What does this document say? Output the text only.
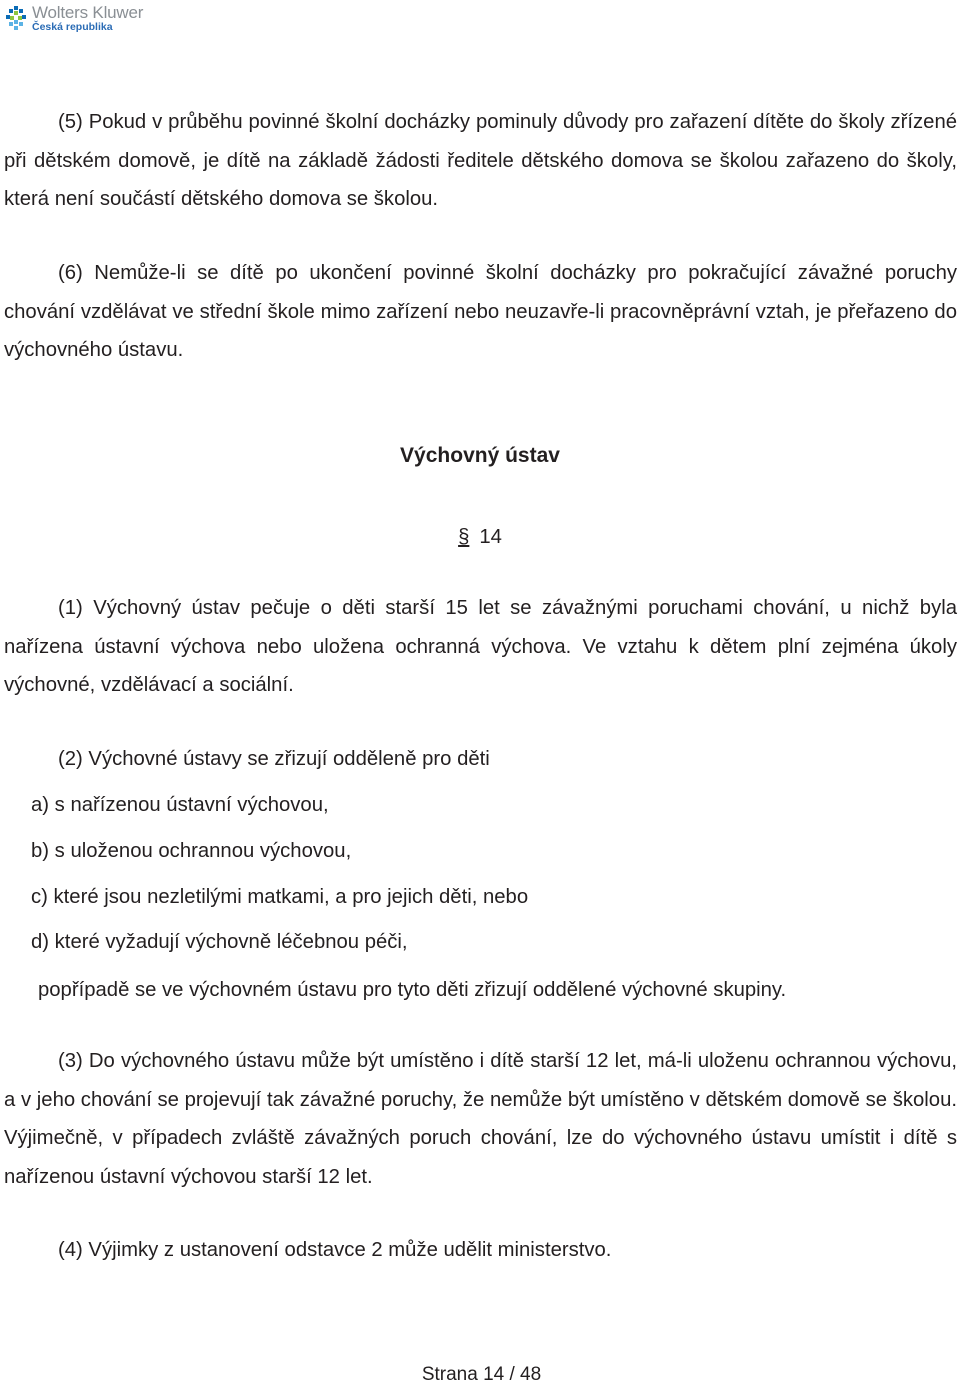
Wolters Kluwer
Česká republika

(5) Pokud v průběhu povinné školní docházky pominuly důvody pro zařazení dítěte do školy zřízené při dětském domově, je dítě na základě žádosti ředitele dětského domova se školou zařazeno do školy, která není součástí dětského domova se školou.

(6) Nemůže-li se dítě po ukončení povinné školní docházky pro pokračující závažné poruchy chování vzdělávat ve střední škole mimo zařízení nebo neuzavře-li pracovněprávní vztah, je přeřazeno do výchovného ústavu.

Výchovný ústav
§ 14

(1) Výchovný ústav pečuje o děti starší 15 let se závažnými poruchami chování, u nichž byla nařízena ústavní výchova nebo uložena ochranná výchova. Ve vztahu k dětem plní zejména úkoly výchovné, vzdělávací a sociální.

(2) Výchovné ústavy se zřizují odděleně pro děti
a) s nařízenou ústavní výchovou,
b) s uloženou ochrannou výchovou,
c) které jsou nezletilými matkami, a pro jejich děti, nebo
d) které vyžadují výchovně léčebnou péči,
popřípadě se ve výchovném ústavu pro tyto děti zřizují oddělené výchovné skupiny.

(3) Do výchovného ústavu může být umístěno i dítě starší 12 let, má-li uloženu ochrannou výchovu, a v jeho chování se projevují tak závažné poruchy, že nemůže být umístěno v dětském domově se školou. Výjimečně, v případech zvláště závažných poruch chování, lze do výchovného ústavu umístit i dítě s nařízenou ústavní výchovou starší 12 let.

(4) Výjimky z ustanovení odstavce 2 může udělit ministerstvo.
Strana 14 / 48
